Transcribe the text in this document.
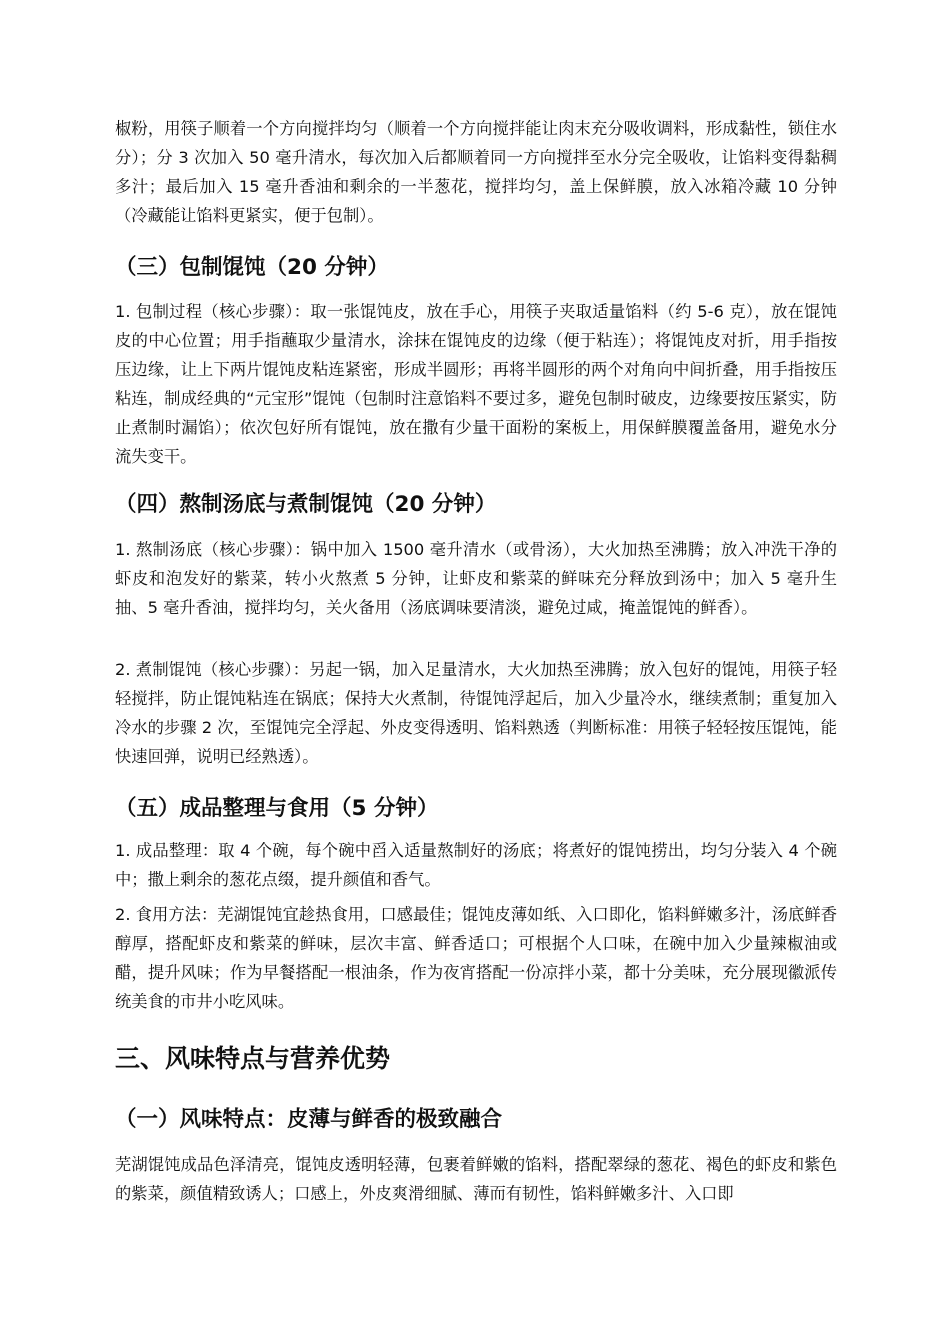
椒粉，用筷子顺着一个方向搅拌均匀（顺着一个方向搅拌能让肉末充分吸收调料，形成黏性，锁住水分）；分 3 次加入 50 毫升清水，每次加入后都顺着同一方向搅拌至水分完全吸收，让馅料变得黏稠多汁；最后加入 15 毫升香油和剩余的一半葱花，搅拌均匀，盖上保鲜膜，放入冰箱冷藏 10 分钟（冷藏能让馅料更紧实，便于包制）。

（三）包制馄饨（20 分钟）

1. 包制过程（核心步骤）：取一张馄饨皮，放在手心，用筷子夹取适量馅料（约 5-6 克），放在馄饨皮的中心位置；用手指蘸取少量清水，涂抹在馄饨皮的边缘（便于粘连）；将馄饨皮对折，用手指按压边缘，让上下两片馄饨皮粘连紧密，形成半圆形；再将半圆形的两个对角向中间折叠，用手指按压粘连，制成经典的“元宝形”馄饨（包制时注意馅料不要过多，避免包制时破皮，边缘要按压紧实，防止煮制时漏馅）；依次包好所有馄饨，放在撒有少量干面粉的案板上，用保鲜膜覆盖备用，避免水分流失变干。

（四）熬制汤底与煮制馄饨（20 分钟）

1. 熬制汤底（核心步骤）：锅中加入 1500 毫升清水（或骨汤），大火加热至沸腾；放入冲洗干净的虾皮和泡发好的紫菜，转小火熬煮 5 分钟，让虾皮和紫菜的鲜味充分释放到汤中；加入 5 毫升生抽、5 毫升香油，搅拌均匀，关火备用（汤底调味要清淡，避免过咸，掩盖馄饨的鲜香）。

2. 煮制馄饨（核心步骤）：另起一锅，加入足量清水，大火加热至沸腾；放入包好的馄饨，用筷子轻轻搅拌，防止馄饨粘连在锅底；保持大火煮制，待馄饨浮起后，加入少量冷水，继续煮制；重复加入冷水的步骤 2 次，至馄饨完全浮起、外皮变得透明、馅料熟透（判断标准：用筷子轻轻按压馄饨，能快速回弹，说明已经熟透）。

（五）成品整理与食用（5 分钟）

1. 成品整理：取 4 个碗，每个碗中舀入适量熬制好的汤底；将煮好的馄饨捞出，均匀分装入 4 个碗中；撒上剩余的葱花点缀，提升颜值和香气。

2. 食用方法：芜湖馄饨宜趁热食用，口感最佳；馄饨皮薄如纸、入口即化，馅料鲜嫩多汁，汤底鲜香醇厚，搭配虾皮和紫菜的鲜味，层次丰富、鲜香适口；可根据个人口味，在碗中加入少量辣椒油或醋，提升风味；作为早餐搭配一根油条，作为夜宵搭配一份凉拌小菜，都十分美味，充分展现徽派传统美食的市井小吃风味。

三、风味特点与营养优势
（一）风味特点：皮薄与鲜香的极致融合

芜湖馄饨成品色泽清亮，馄饨皮透明轻薄，包裹着鲜嫩的馅料，搭配翠绿的葱花、褐色的虾皮和紫色的紫菜，颜值精致诱人；口感上，外皮爽滑细腻、薄而有韧性，馅料鲜嫩多汁、入口即
